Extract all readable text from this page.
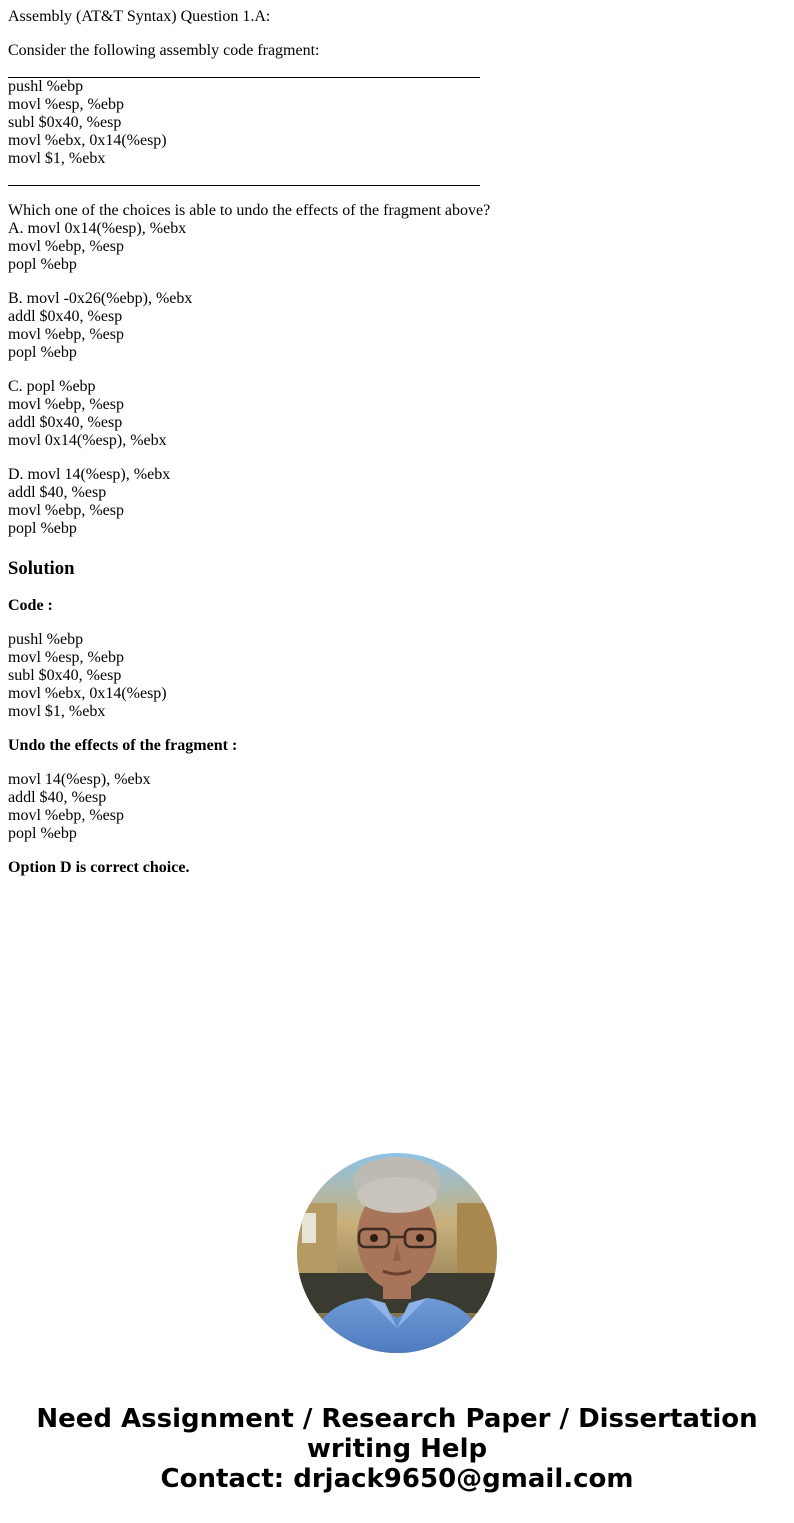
Assembly (AT&T Syntax) Question 1.A:

Consider the following assembly code fragment:

pushl %ebp
movl %esp, %ebp
subl $0x40, %esp
movl %ebx, 0x14(%esp)
movl $1, %ebx

Which one of the choices is able to undo the effects of the fragment above?

A. movl 0x14(%esp), %ebx
movl %ebp, %esp
popl %ebp
B. movl -0x26(%ebp), %ebx
addl $0x40, %esp
movl %ebp, %esp
popl %ebp
C. popl %ebp
movl %ebp, %esp
addl $0x40, %esp
movl 0x14(%esp), %ebx
D. movl 14(%esp), %ebx
addl $40, %esp
movl %ebp, %esp
popl %ebp
Solution

Code :

pushl %ebp
movl %esp, %ebp
subl $0x40, %esp
movl %ebx, 0x14(%esp)
movl $1, %ebx

Undo the effects of the fragment :

movl 14(%esp), %ebx
addl $40, %esp
movl %ebp, %esp
popl %ebp

Option D is correct choice.

Need Assignment / Research Paper / Dissertation
writing Help
Contact: drjack9650@gmail.com
